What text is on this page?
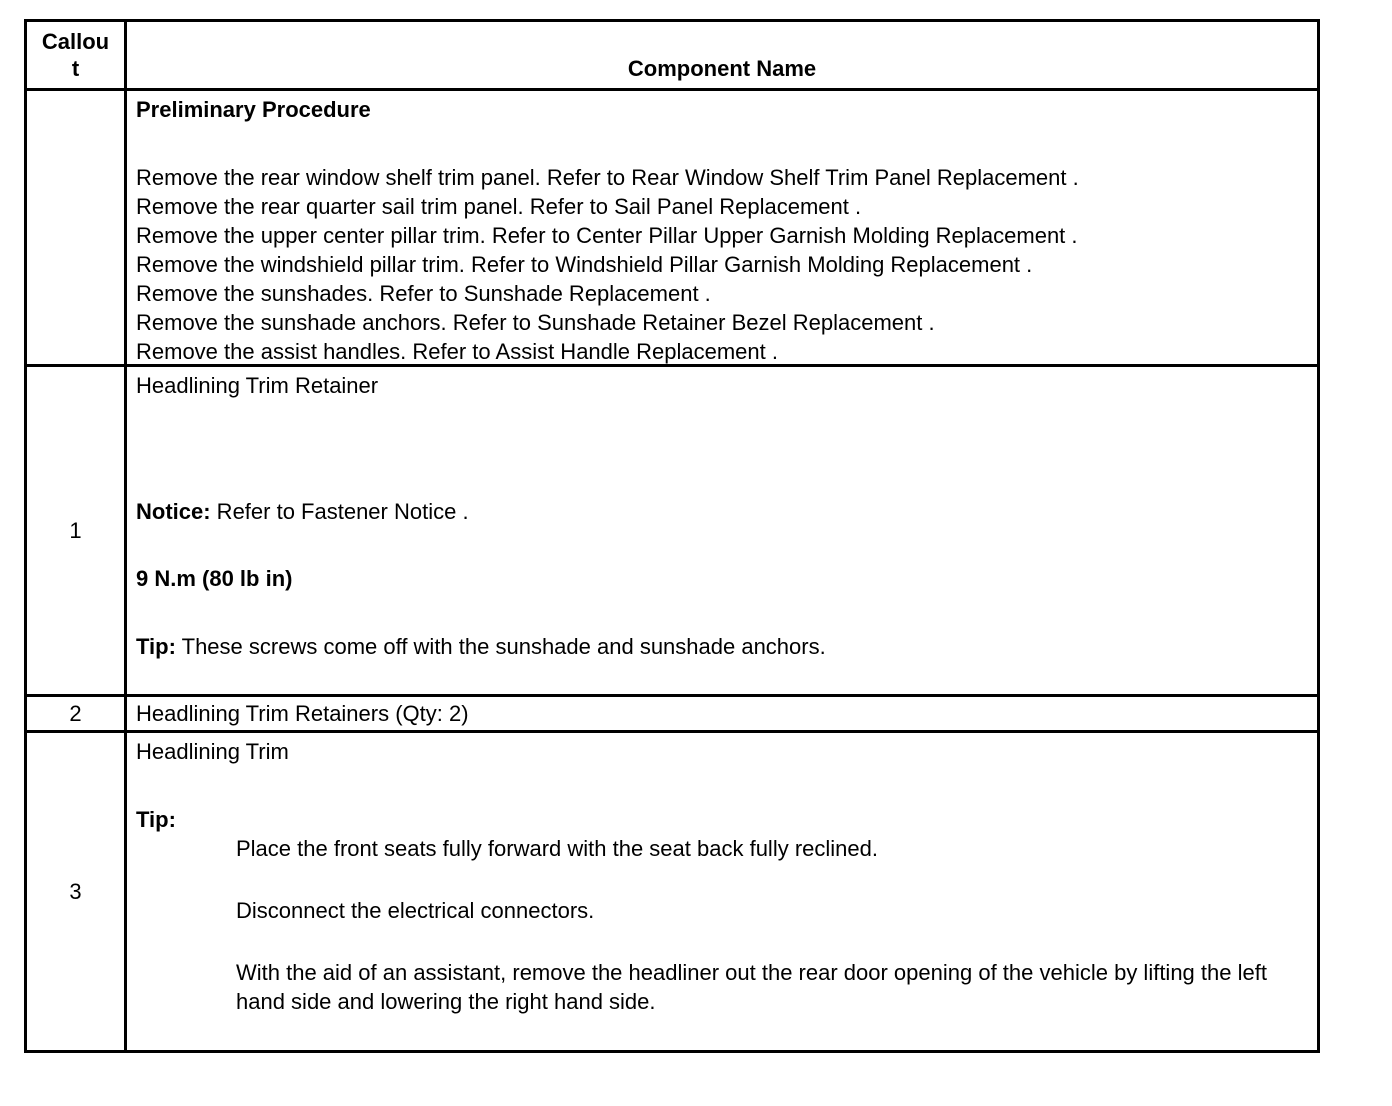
Callou
t	Component Name
Preliminary Procedure
Remove the rear window shelf trim panel. Refer to Rear Window Shelf Trim Panel Replacement .
Remove the rear quarter sail trim panel. Refer to Sail Panel Replacement .
Remove the upper center pillar trim. Refer to Center Pillar Upper Garnish Molding Replacement .
Remove the windshield pillar trim. Refer to Windshield Pillar Garnish Molding Replacement .
Remove the sunshades. Refer to Sunshade Replacement .
Remove the sunshade anchors. Refer to Sunshade Retainer Bezel Replacement .
Remove the assist handles. Refer to Assist Handle Replacement .
1
Headlining Trim Retainer
Notice: Refer to Fastener Notice .
9 N.m (80 lb in)
Tip: These screws come off with the sunshade and sunshade anchors.
2	Headlining Trim Retainers (Qty: 2)
3
Headlining Trim
Tip:
Place the front seats fully forward with the seat back fully reclined.
Disconnect the electrical connectors.
With the aid of an assistant, remove the headliner out the rear door opening of the vehicle by lifting the left hand side and lowering the right hand side.
